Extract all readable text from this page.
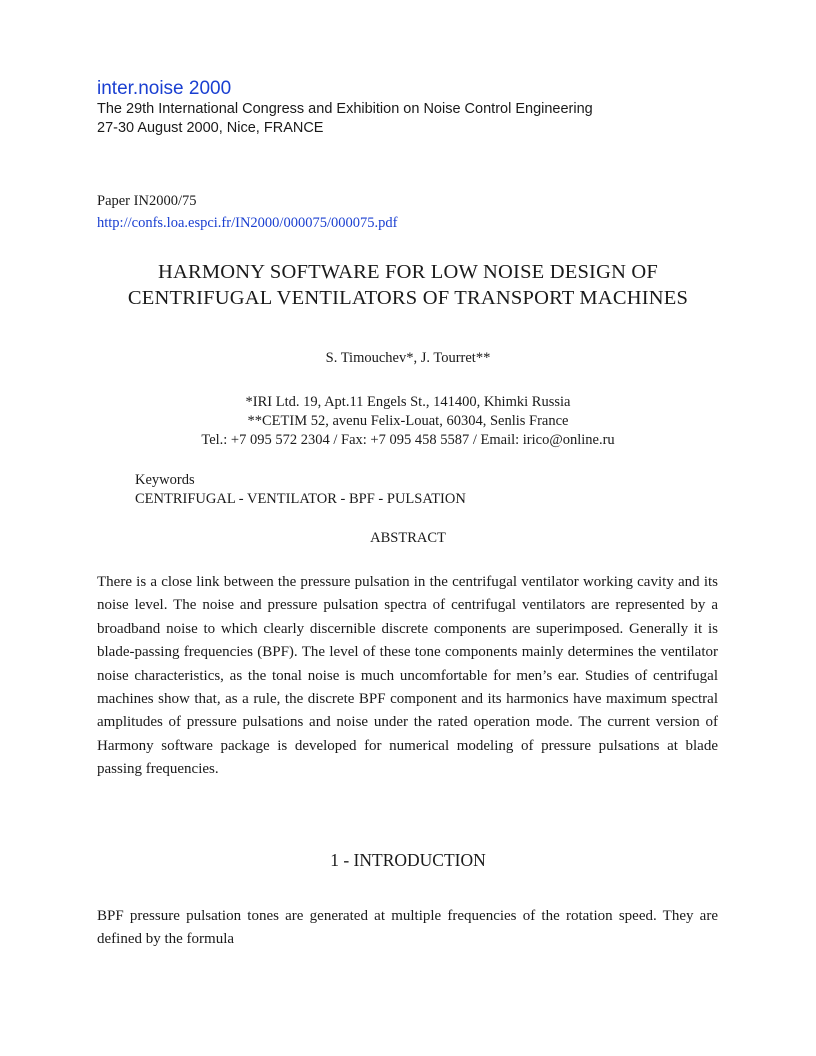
inter.noise 2000

The 29th International Congress and Exhibition on Noise Control Engineering

27-30 August 2000, Nice, FRANCE

Paper IN2000/75

http://confs.loa.espci.fr/IN2000/000075/000075.pdf
HARMONY SOFTWARE FOR LOW NOISE DESIGN OF CENTRIFUGAL VENTILATORS OF TRANSPORT MACHINES

S. Timouchev*, J. Tourret**

*IRI Ltd. 19, Apt.11 Engels St., 141400, Khimki Russia

**CETIM 52, avenu Felix-Louat, 60304, Senlis France

Tel.: +7 095 572 2304 / Fax: +7 095 458 5587 / Email: irico@online.ru

Keywords

CENTRIFUGAL - VENTILATOR - BPF - PULSATION

ABSTRACT

There is a close link between the pressure pulsation in the centrifugal ventilator working cavity and its noise level. The noise and pressure pulsation spectra of centrifugal ventilators are represented by a broadband noise to which clearly discernible discrete components are superimposed. Generally it is blade-passing frequencies (BPF). The level of these tone components mainly determines the ventilator noise characteristics, as the tonal noise is much uncomfortable for men’s ear. Studies of centrifugal machines show that, as a rule, the discrete BPF component and its harmonics have maximum spectral amplitudes of pressure pulsations and noise under the rated operation mode. The current version of Harmony software package is developed for numerical modeling of pressure pulsations at blade passing frequencies.

1 - INTRODUCTION

BPF pressure pulsation tones are generated at multiple frequencies of the rotation speed. They are defined by the formula
